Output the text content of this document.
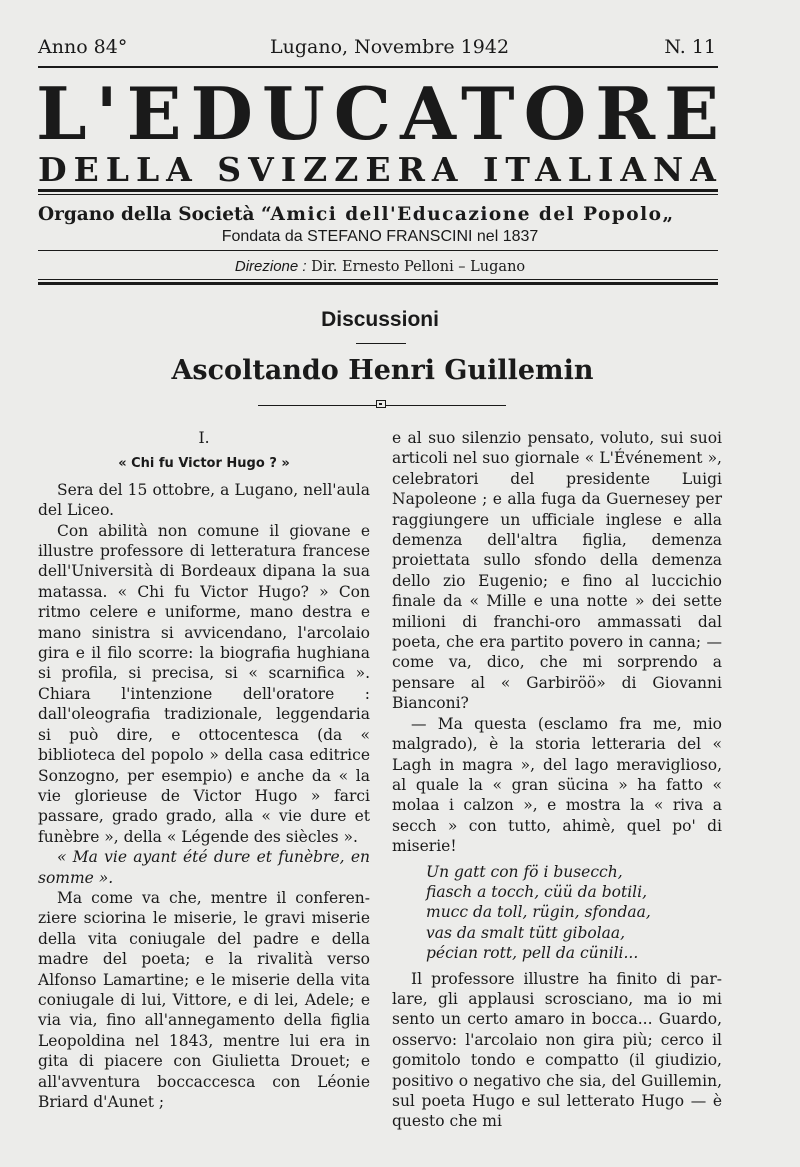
Anno 84°	Lugano, Novembre 1942	N. 11
L'EDUCATORE
DELLA SVIZZERA ITALIANA
Organo della Società “Amici dell'Educazione del Popolo„
Fondata da STEFANO FRANSCINI nel 1837
Direzione : Dir. Ernesto Pelloni – Lugano
Discussioni
Ascoltando Henri Guillemin

I.

« Chi fu Victor Hugo ? »

Sera del 15 ottobre, a Lugano, nell'aula del Liceo.

Con abilità non comune il giovane e illustre professore di letteratura francese dell'Università di Bordeaux dipana la sua matassa. « Chi fu Victor Hugo? » Con ritmo celere e uniforme, mano destra e mano sinistra si avvicendano, l'arcolaio gira e il filo scorre: la biografia hughiana si profila, si precisa, si « scarnifica ». Chiara l'intenzione dell'oratore : dall'oleografia tradizionale, leggendaria si può dire, e ottocentesca (da « biblioteca del popolo » della casa editrice Sonzogno, per esempio) e anche da « la vie glorieuse de Victor Hugo » farci passare, grado grado, alla « vie dure et funèbre », della « Légende des siècles ».

« Ma vie ayant été dure et funèbre, en somme ».

Ma come va che, mentre il conferenziere sciorina le miserie, le gravi miserie della vita coniugale del padre e della madre del poeta; e la rivalità verso Alfonso Lamartine; e le miserie della vita coniugale di lui, Vittore, e di lei, Adele; e via via, fino all'annegamento della figlia Leopoldina nel 1843, mentre lui era in gita di piacere con Giulietta Drouet; e all'avventura boccaccesca con Léonie Briard d'Aunet ;

e al suo silenzio pensato, voluto, sui suoi articoli nel suo giornale « L'Événement », celebratori del presidente Luigi Napoleone ; e alla fuga da Guernesey per raggiungere un ufficiale inglese e alla demenza dell'altra figlia, demenza proiettata sullo sfondo della demenza dello zio Eugenio; e fino al luccichio finale da « Mille e una notte » dei sette milioni di franchi-oro ammassati dal poeta, che era partito povero in canna; — come va, dico, che mi sorprendo a pensare al « Garbiröö» di Giovanni Bianconi?

— Ma questa (esclamo fra me, mio malgrado), è la storia letteraria del « Lagh in magra », del lago meraviglioso, al quale la « gran sücina » ha fatto « molaa i calzon », e mostra la « riva a secch » con tutto, ahimè, quel po' di miserie!

Un gatt con fö i busecch,
fiasch a tocch, cüü da botili,
mucc da toll, rügin, sfondaa,
vas da smalt tütt gibolaa,
pécian rott, pell da cünili...

Il professore illustre ha finito di parlare, gli applausi scrosciano, ma io mi sento un certo amaro in bocca... Guardo, osservo: l'arcolaio non gira più; cerco il gomitolo tondo e compatto (il giudizio, positivo o negativo che sia, del Guillemin, sul poeta Hugo e sul letterato Hugo — è questo che mi
